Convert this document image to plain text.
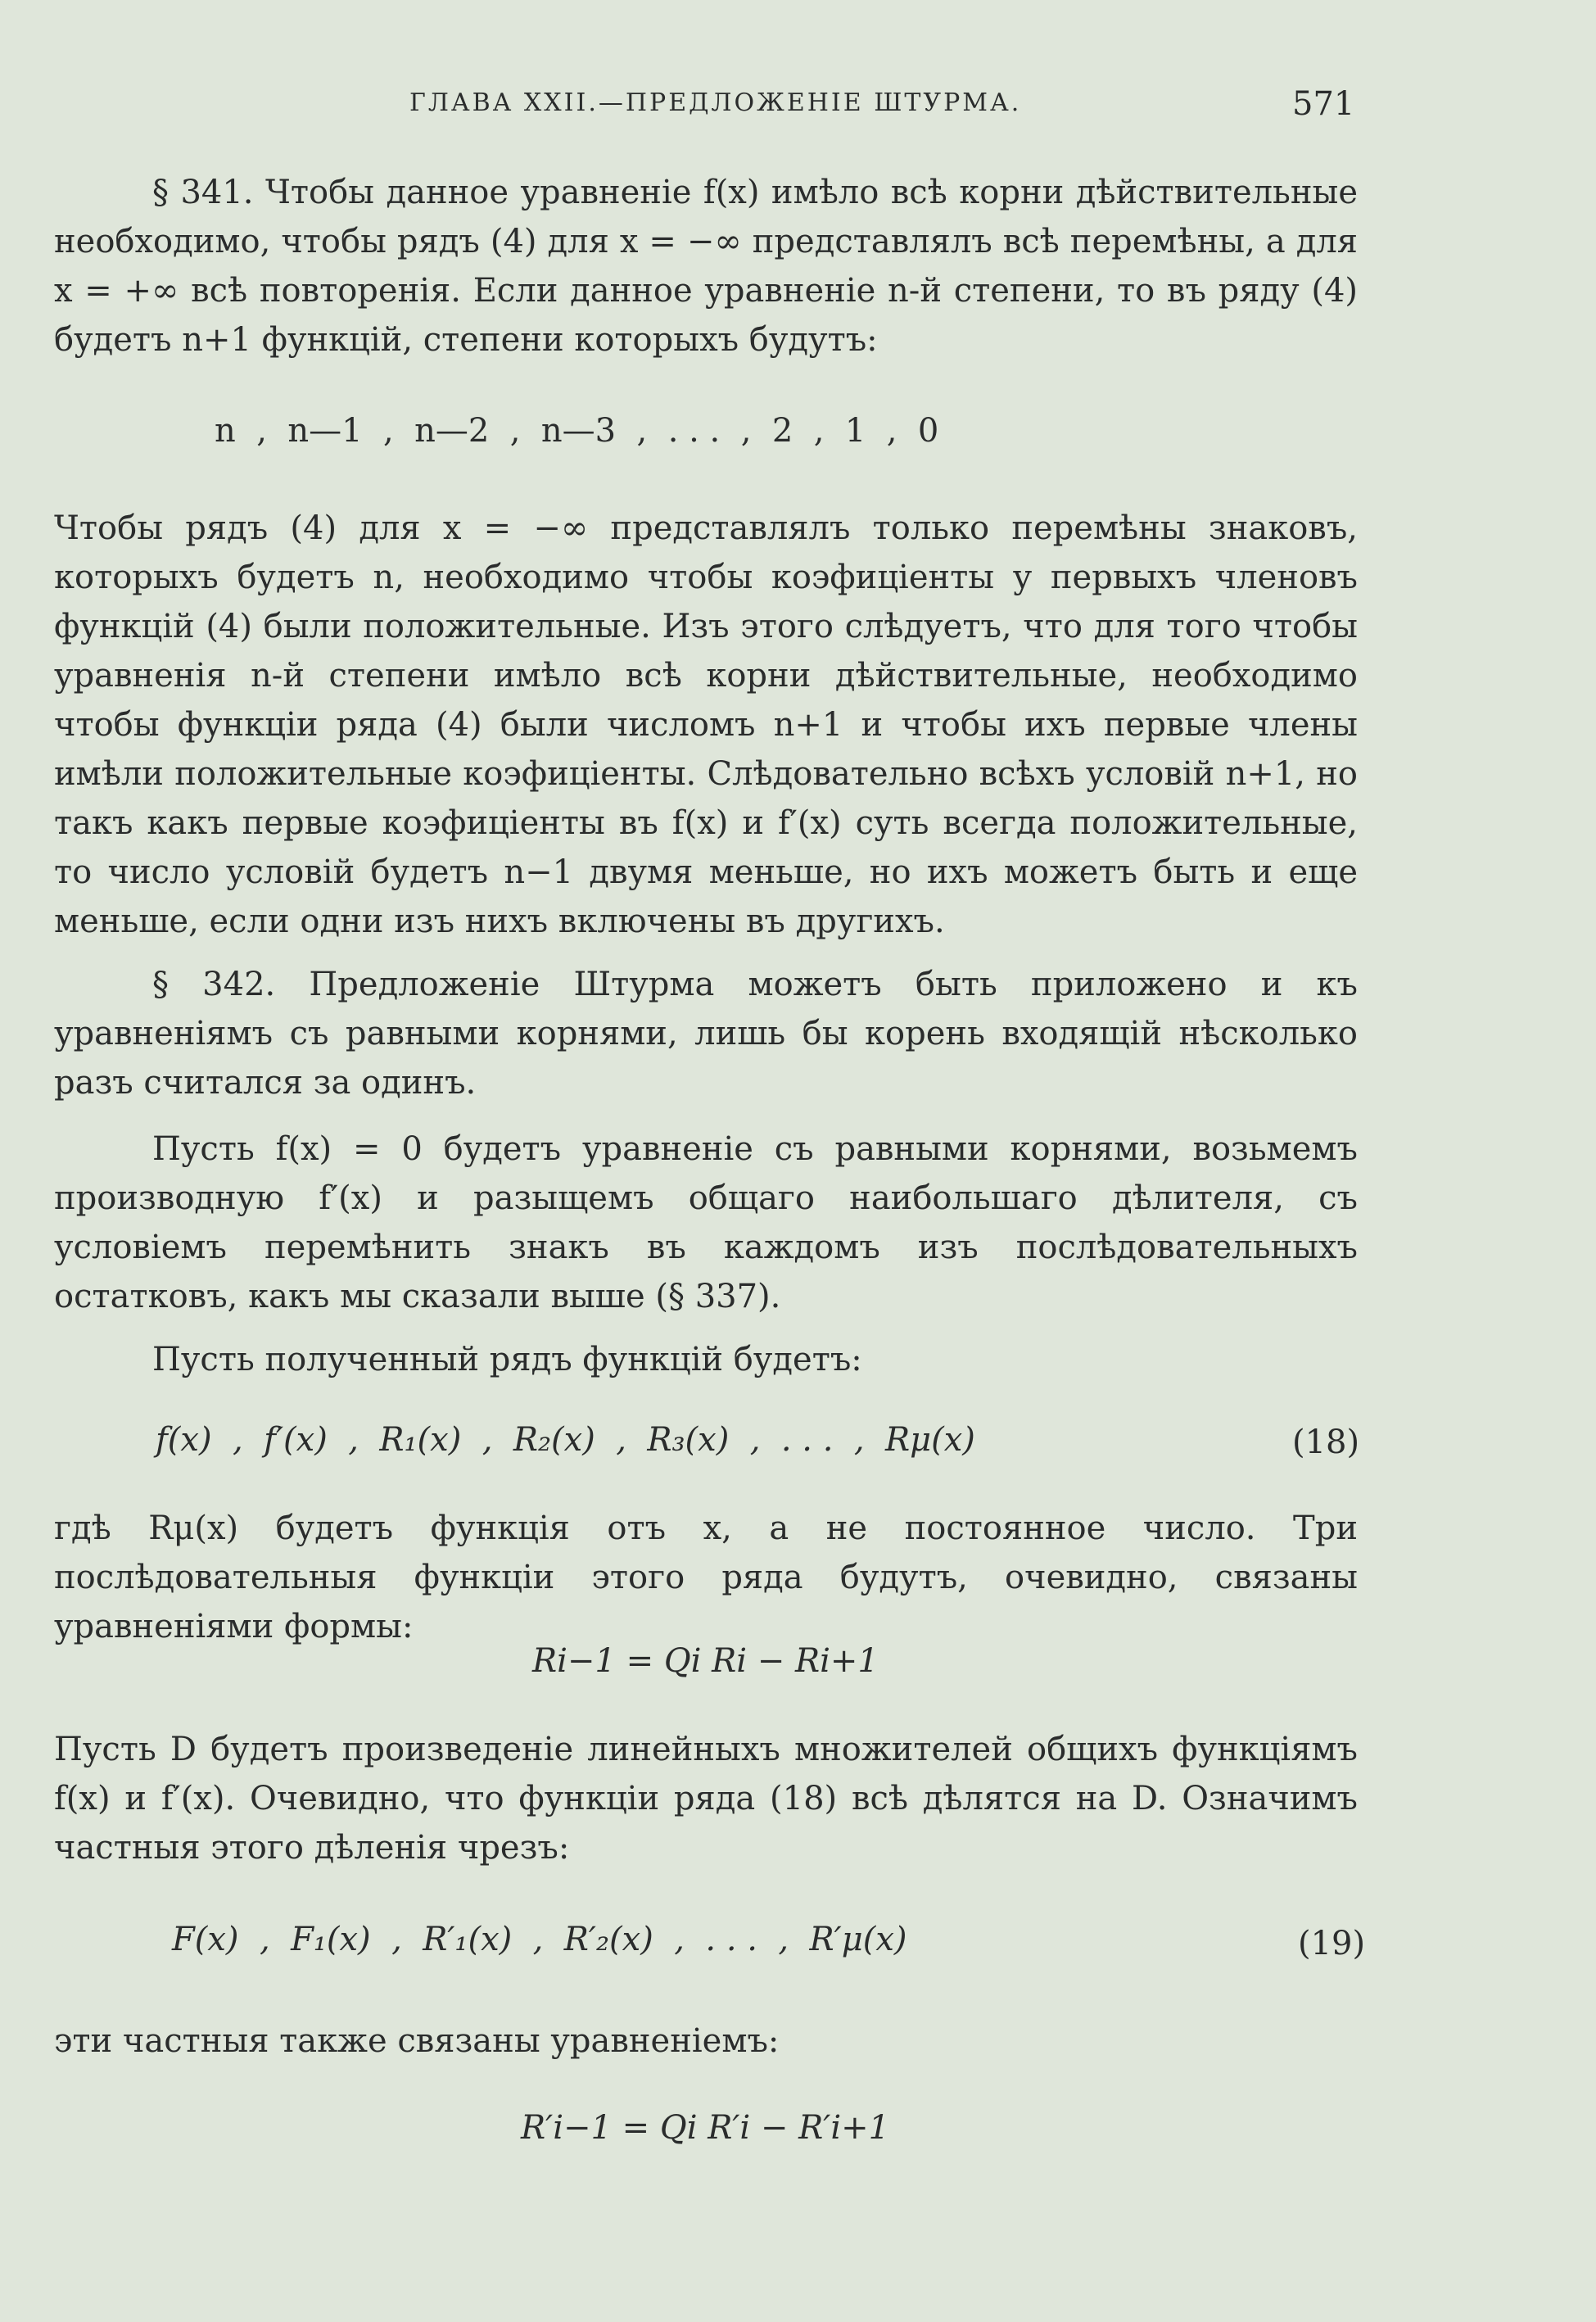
ГЛАВА XXII.—ПРЕДЛОЖЕНІЕ ШТУРМА.	571
§ 341. Чтобы данное уравненіе f(x) имѣло всѣ корни дѣйствительные необходимо, чтобы рядъ (4) для x = −∞ представлялъ всѣ перемѣны, а для x = +∞ всѣ повторенія. Если данное уравненіе n-й степени, то въ ряду (4) будетъ n+1 функцій, степени которыхъ будутъ:
n  ,  n—1  ,  n—2  ,  n—3  ,  . . .  ,  2  ,  1  ,  0
Чтобы рядъ (4) для x = −∞ представлялъ только перемѣны знаковъ, которыхъ будетъ n, необходимо чтобы коэфиціенты у первыхъ членовъ функцій (4) были положительные. Изъ этого слѣдуетъ, что для того чтобы уравненія n-й степени имѣло всѣ корни дѣйствительные, необходимо чтобы функціи ряда (4) были числомъ n+1 и чтобы ихъ первые члены имѣли положительные коэфиціенты. Слѣдовательно всѣхъ условій n+1, но такъ какъ первые коэфиціенты въ f(x) и f′(x) суть всегда положительные, то число условій будетъ n−1 двумя меньше, но ихъ можетъ быть и еще меньше, если одни изъ нихъ включены въ другихъ.
§ 342. Предложеніе Штурма можетъ быть приложено и къ уравненіямъ съ равными корнями, лишь бы корень входящій нѣсколько разъ считался за одинъ.
Пусть f(x) = 0 будетъ уравненіе съ равными корнями, возьмемъ производную f′(x) и разыщемъ общаго наибольшаго дѣлителя, съ условіемъ перемѣнить знакъ въ каждомъ изъ послѣдовательныхъ остатковъ, какъ мы сказали выше (§ 337).
Пусть полученный рядъ функцій будетъ:
f(x)  ,  f′(x)  ,  R₁(x)  ,  R₂(x)  ,  R₃(x)  ,  . . .  ,  Rμ(x)	(18)
гдѣ Rμ(x) будетъ функція отъ x, а не постоянное число. Три послѣдовательныя функціи этого ряда будутъ, очевидно, связаны уравненіями формы:
Ri−1 = Qi Ri − Ri+1
Пусть D будетъ произведеніе линейныхъ множителей общихъ функціямъ f(x) и f′(x). Очевидно, что функціи ряда (18) всѣ дѣлятся на D. Означимъ частныя этого дѣленія чрезъ:
F(x)  ,  F₁(x)  ,  R′₁(x)  ,  R′₂(x)  ,  . . .  ,  R′μ(x)	(19)
эти частныя также связаны уравненіемъ:
R′i−1 = Qi R′i − R′i+1
